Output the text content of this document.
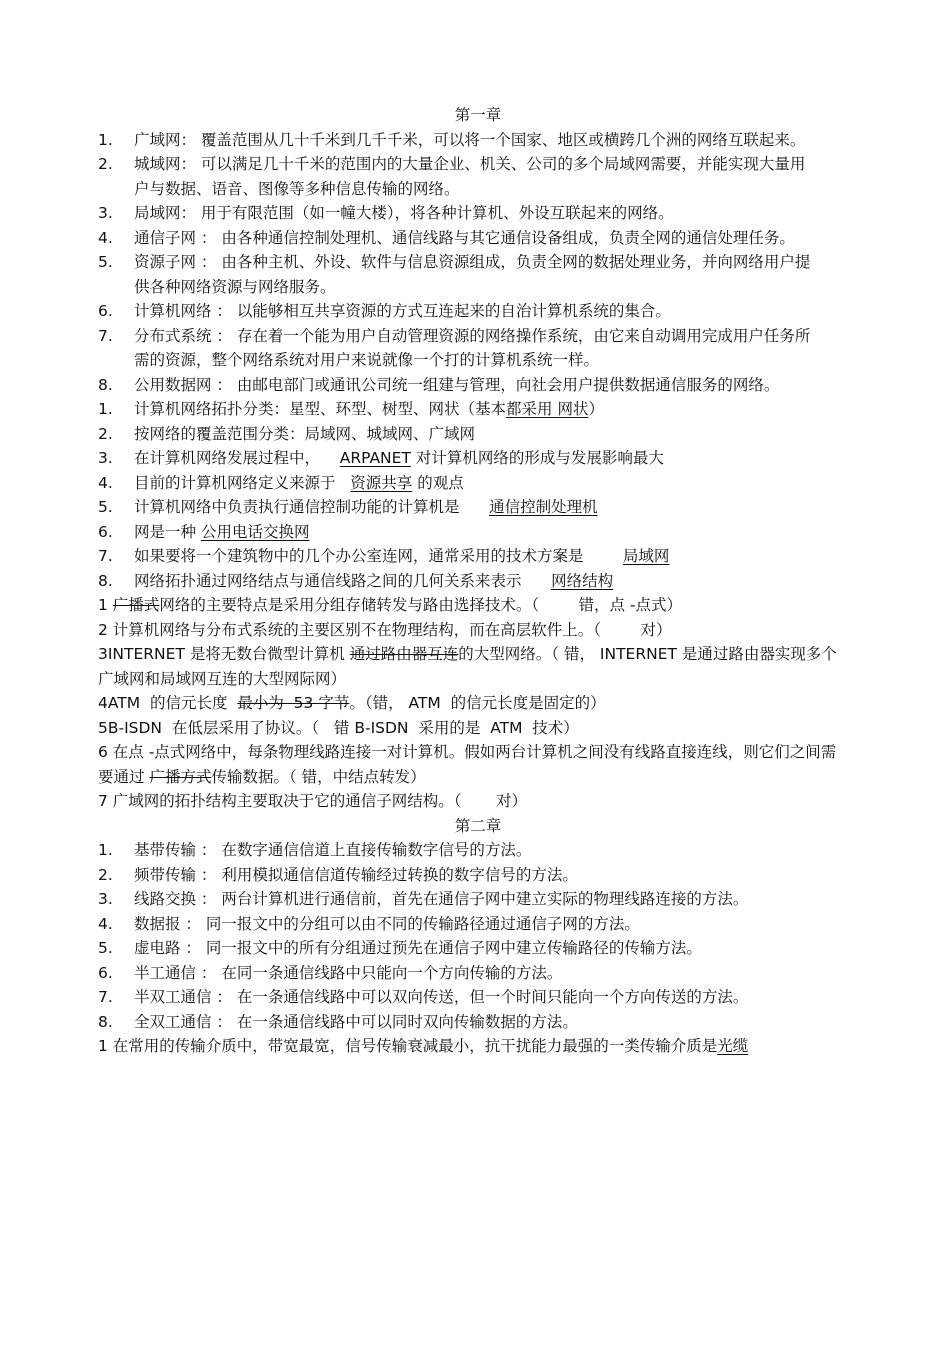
第一章
1.	广域网： 覆盖范围从几十千米到几千千米，可以将一个国家、地区或横跨几个洲的网络互联起来。
2.	城域网： 可以满足几十千米的范围内的大量企业、机关、公司的多个局域网需要，并能实现大量用户与数据、语音、图像等多种信息传输的网络。
3.	局域网： 用于有限范围（如一幢大楼），将各种计算机、外设互联起来的网络。
4.	通信子网 ： 由各种通信控制处理机、通信线路与其它通信设备组成，负责全网的通信处理任务。
5.	资源子网 ： 由各种主机、外设、软件与信息资源组成，负责全网的数据处理业务，并向网络用户提供各种网络资源与网络服务。
6.	计算机网络 ： 以能够相互共享资源的方式互连起来的自治计算机系统的集合。
7.	分布式系统 ： 存在着一个能为用户自动管理资源的网络操作系统，由它来自动调用完成用户任务所需的资源，整个网络系统对用户来说就像一个打的计算机系统一样。
8.	公用数据网 ： 由邮电部门或通讯公司统一组建与管理，向社会用户提供数据通信服务的网络。
1.	计算机网络拓扑分类：星型、环型、树型、网状（基本都采用 网状）
2.	按网络的覆盖范围分类：局域网、城域网、广域网
3.	在计算机网络发展过程中，    ARPANET 对计算机网络的形成与发展影响最大
4.	目前的计算机网络定义来源于   资源共享 的观点
5.	计算机网络中负责执行通信控制功能的计算机是      通信控制处理机
6.	网是一种 公用电话交换网
7.	如果要将一个建筑物中的几个办公室连网，通常采用的技术方案是        局域网
8.	网络拓扑通过网络结点与通信线路之间的几何关系来表示      网络结构
1 广播式网络的主要特点是采用分组存储转发与路由选择技术。（        错，点 -点式）
2 计算机网络与分布式系统的主要区别不在物理结构，而在高层软件上。（        对）
3INTERNET 是将无数台微型计算机 通过路由器互连的大型网络。（ 错， INTERNET 是通过路由器实现多个广域网和局域网互连的大型网际网）
4ATM  的信元长度  最小为  53 字节。（错， ATM  的信元长度是固定的）
5B-ISDN  在低层采用了协议。（   错 B-ISDN  采用的是  ATM  技术）
6 在点 -点式网络中，每条物理线路连接一对计算机。假如两台计算机之间没有线路直接连线，则它们之间需要通过 广播方式传输数据。（ 错，中结点转发）
7 广域网的拓扑结构主要取决于它的通信子网结构。（       对）
第二章
1.	基带传输 ： 在数字通信信道上直接传输数字信号的方法。
2.	频带传输 ： 利用模拟通信信道传输经过转换的数字信号的方法。
3.	线路交换 ： 两台计算机进行通信前，首先在通信子网中建立实际的物理线路连接的方法。
4.	数据报 ： 同一报文中的分组可以由不同的传输路径通过通信子网的方法。
5.	虚电路 ： 同一报文中的所有分组通过预先在通信子网中建立传输路径的传输方法。
6.	半工通信 ： 在同一条通信线路中只能向一个方向传输的方法。
7.	半双工通信 ： 在一条通信线路中可以双向传送，但一个时间只能向一个方向传送的方法。
8.	全双工通信 ： 在一条通信线路中可以同时双向传输数据的方法。
1 在常用的传输介质中，带宽最宽，信号传输衰减最小，抗干扰能力最强的一类传输介质是光缆
